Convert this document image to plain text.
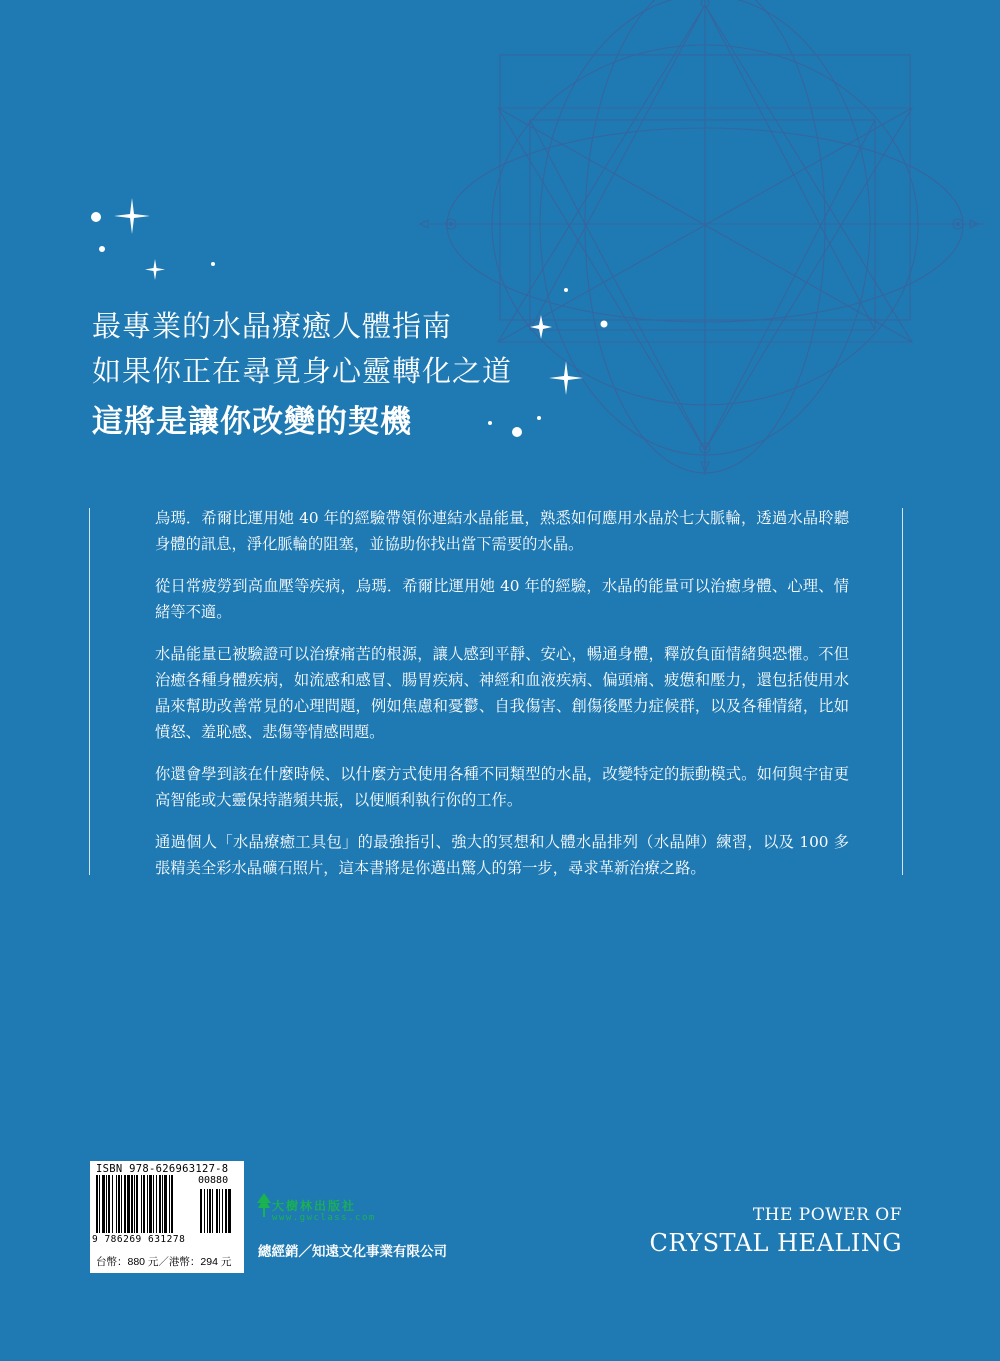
最專業的水晶療癒人體指南
如果你正在尋覓身心靈轉化之道
這將是讓你改變的契機

烏瑪．希爾比運用她 40 年的經驗帶領你連結水晶能量，熟悉如何應用水晶於七大脈輪，透過水晶聆聽身體的訊息，淨化脈輪的阻塞，並協助你找出當下需要的水晶。

從日常疲勞到高血壓等疾病，烏瑪．希爾比運用她 40 年的經驗，水晶的能量可以治癒身體、心理、情緒等不適。

水晶能量已被驗證可以治療痛苦的根源，讓人感到平靜、安心，暢通身體，釋放負面情緒與恐懼。不但治癒各種身體疾病，如流感和感冒、腸胃疾病、神經和血液疾病、偏頭痛、疲憊和壓力，還包括使用水晶來幫助改善常見的心理問題，例如焦慮和憂鬱、自我傷害、創傷後壓力症候群，以及各種情緒，比如憤怒、羞恥感、悲傷等情感問題。

你還會學到該在什麼時候、以什麼方式使用各種不同類型的水晶，改變特定的振動模式。如何與宇宙更高智能或大靈保持諧頻共振，以便順利執行你的工作。

通過個人「水晶療癒工具包」的最強指引、強大的冥想和人體水晶排列（水晶陣）練習，以及 100 多張精美全彩水晶礦石照片，這本書將是你邁出驚人的第一步，尋求革新治療之路。

ISBN 978-626963127-8
00880
9 786269 631278
台幣：880 元／港幣：294 元
大樹林出版社
www.gwclass.com
總經銷／知遠文化事業有限公司
THE POWER OF
CRYSTAL HEALING
